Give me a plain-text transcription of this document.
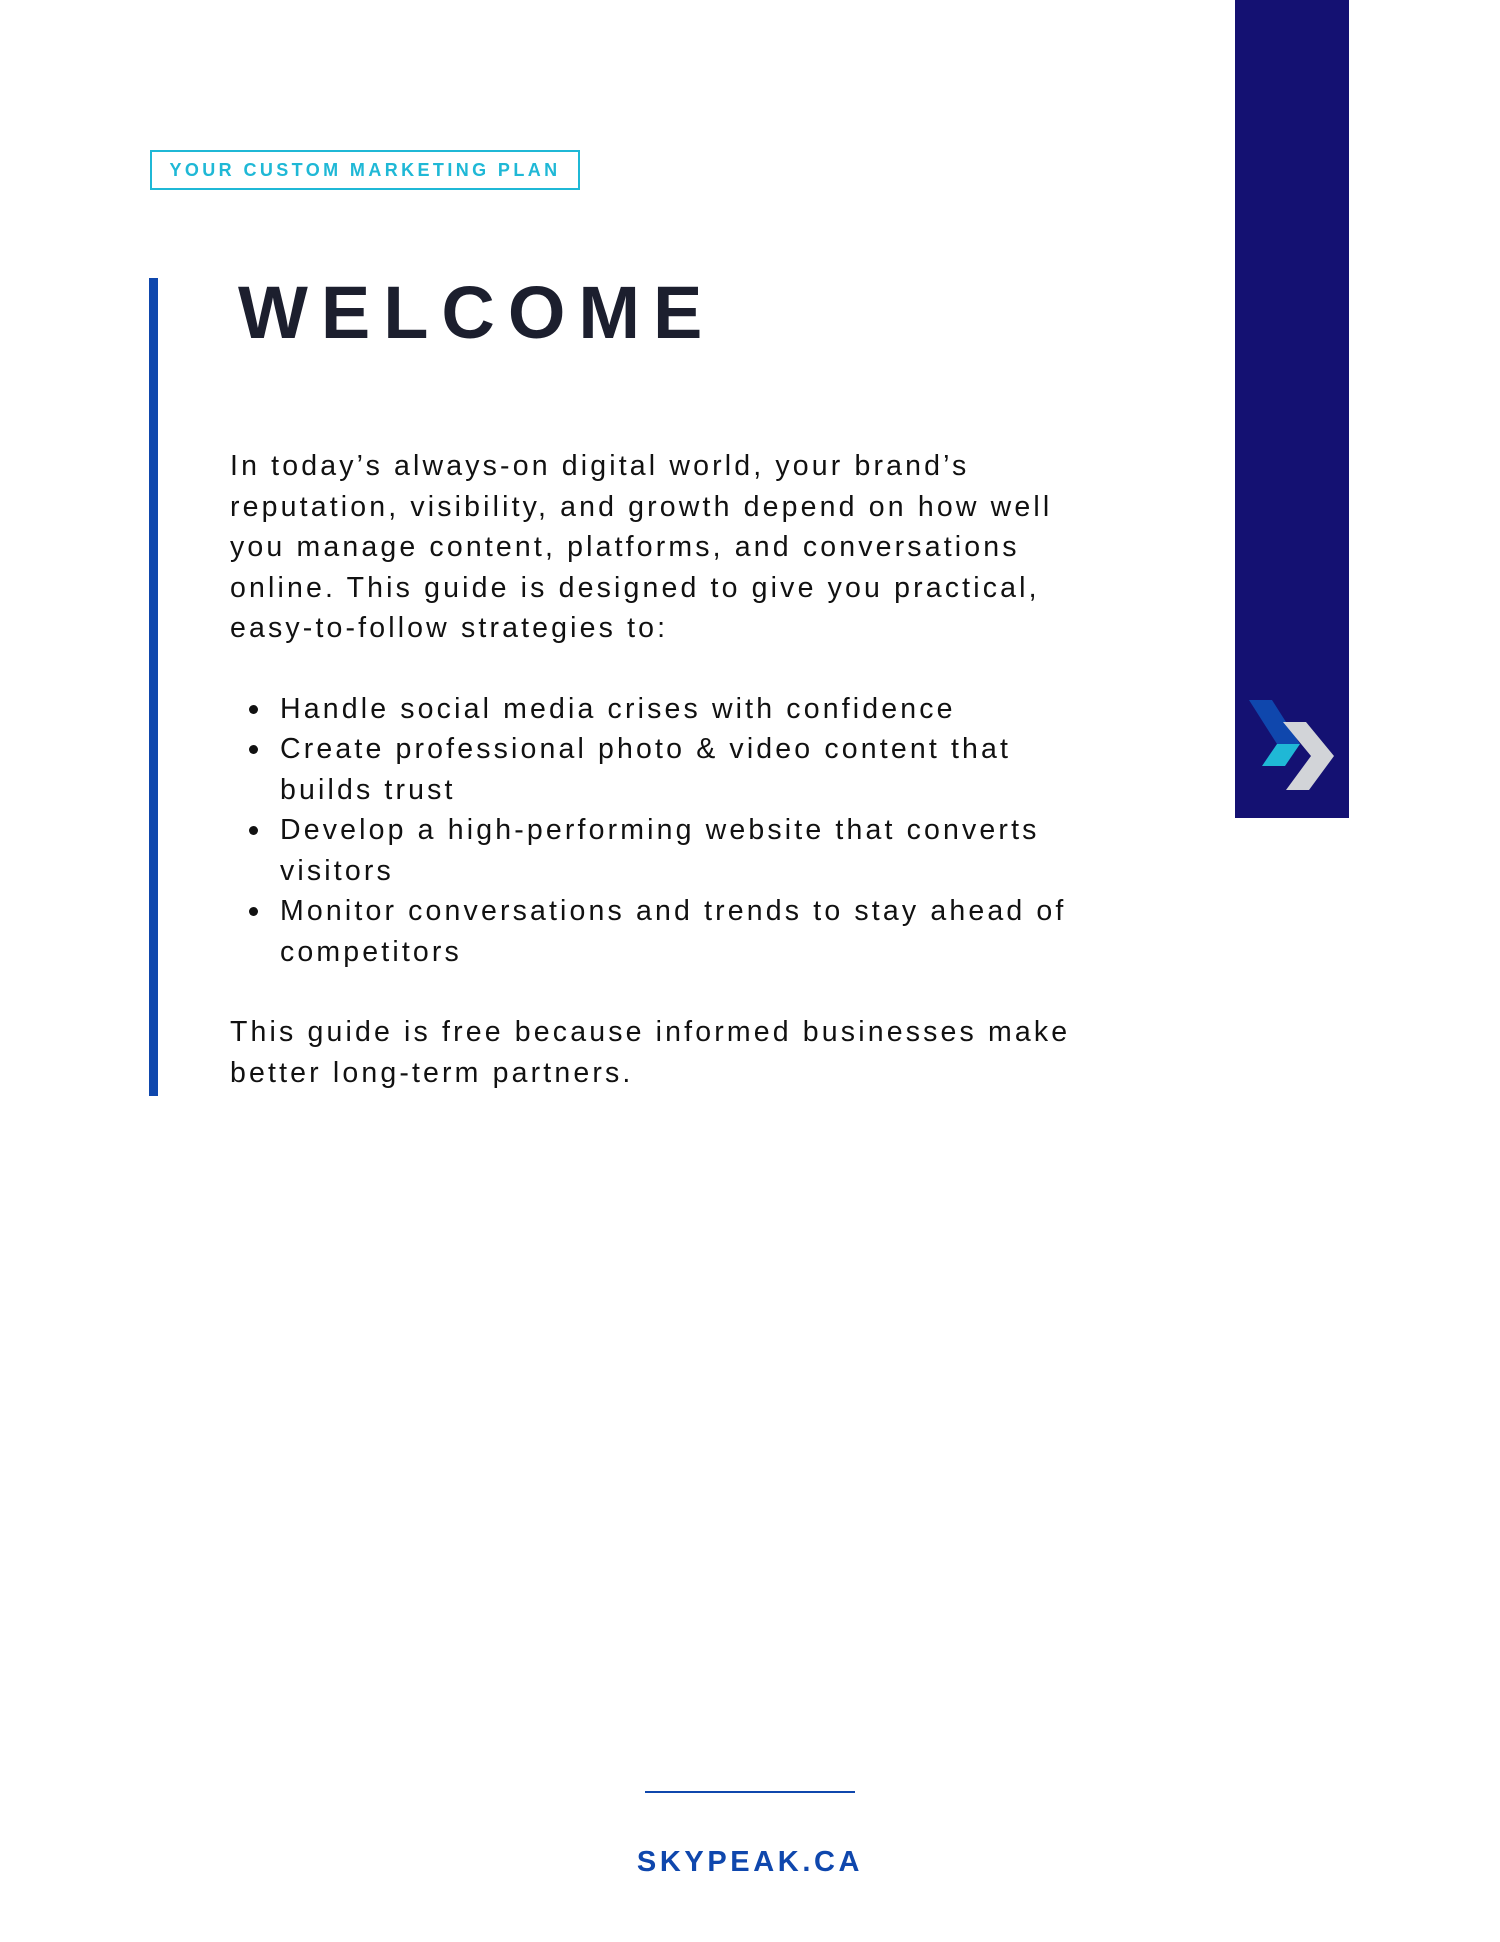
YOUR CUSTOM MARKETING PLAN
WELCOME

In today’s always-on digital world, your brand’s
reputation, visibility, and growth depend on how well
you manage content, platforms, and conversations
online. This guide is designed to give you practical,
easy-to-follow strategies to:

Handle social media crises with confidence
Create professional photo & video content that
builds trust
Develop a high-performing website that converts
visitors
Monitor conversations and trends to stay ahead of
competitors

This guide is free because informed businesses make
better long-term partners.

SKYPEAK.CA
